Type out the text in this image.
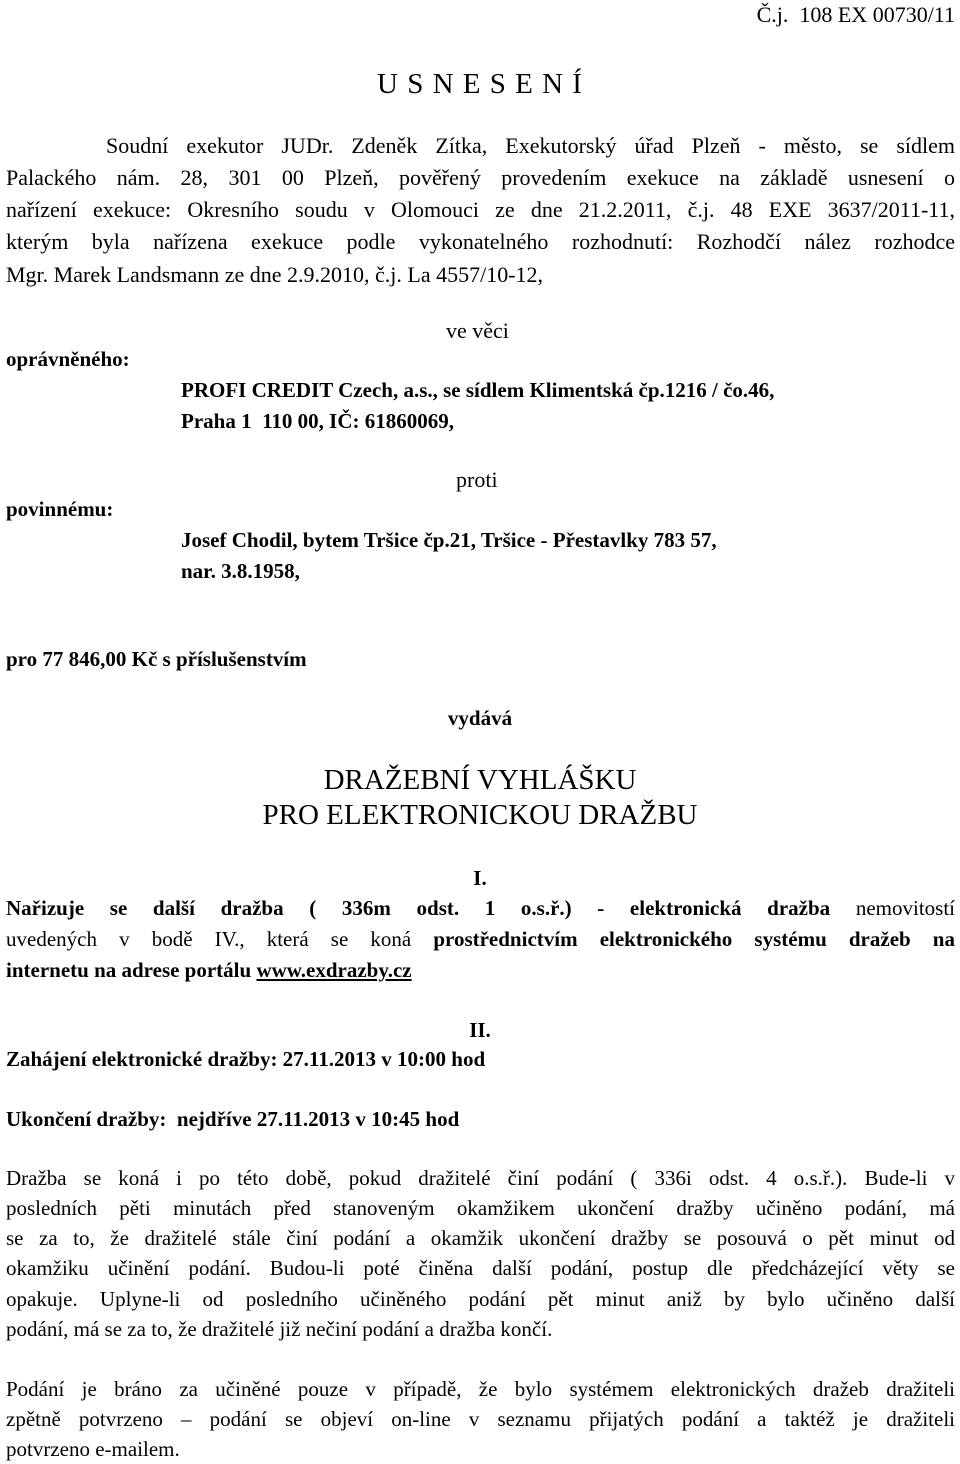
Č.j.  108 EX 00730/11
U S N E S E N Í
Soudní exekutor JUDr. Zdeněk Zítka, Exekutorský úřad Plzeň - město, se sídlem
Palackého nám. 28, 301 00 Plzeň, pověřený provedením exekuce na základě usnesení o
nařízení exekuce: Okresního soudu v Olomouci ze dne 21.2.2011, č.j. 48 EXE 3637/2011-11,
kterým byla nařízena exekuce podle vykonatelného rozhodnutí: Rozhodčí nález rozhodce
Mgr. Marek Landsmann ze dne 2.9.2010, č.j. La 4557/10-12,
ve věci
oprávněného:
PROFI CREDIT Czech, a.s., se sídlem Klimentská čp.1216 / čo.46,
Praha 1  110 00, IČ: 61860069,
proti
povinnému:
Josef Chodil, bytem Tršice čp.21, Tršice - Přestavlky 783 57,
nar. 3.8.1958,
pro 77 846,00 Kč s příslušenstvím
vydává
DRAŽEBNÍ VYHLÁŠKU
PRO ELEKTRONICKOU DRAŽBU
I.
Nařizuje se další dražba ( 336m odst. 1 o.s.ř.) - elektronická dražba nemovitostí
uvedených v bodě IV., která se koná prostřednictvím elektronického systému dražeb na
internetu na adrese portálu www.exdrazby.cz
II.
Zahájení elektronické dražby: 27.11.2013 v 10:00 hod
Ukončení dražby:  nejdříve 27.11.2013 v 10:45 hod
Dražba se koná i po této době, pokud dražitelé činí podání ( 336i odst. 4 o.s.ř.). Bude-li v
posledních pěti minutách před stanoveným okamžikem ukončení dražby učiněno podání, má
se za to, že dražitelé stále činí podání a okamžik ukončení dražby se posouvá o pět minut od
okamžiku učinění podání. Budou-li poté činěna další podání, postup dle předcházející věty se
opakuje. Uplyne-li od posledního učiněného podání pět minut aniž by bylo učiněno další
podání, má se za to, že dražitelé již nečiní podání a dražba končí.
Podání je bráno za učiněné pouze v případě, že bylo systémem elektronických dražeb dražiteli
zpětně potvrzeno – podání se objeví on-line v seznamu přijatých podání a taktéž je dražiteli
potvrzeno e-mailem.
